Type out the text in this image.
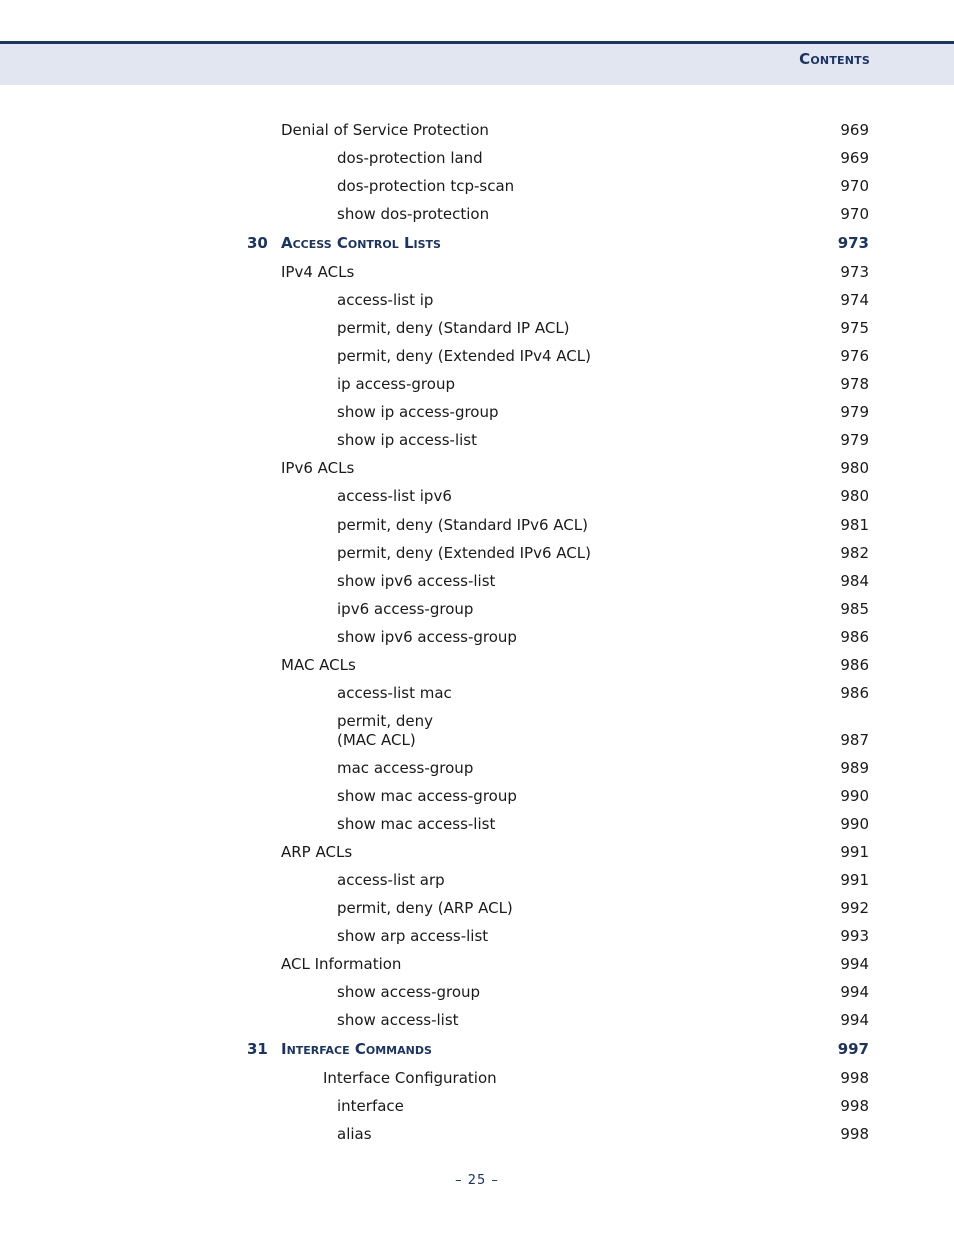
Contents
Denial of Service Protection	969
dos-protection land	969
dos-protection tcp-scan	970
show dos-protection	970
30 Access Control Lists	973
IPv4 ACLs	973
access-list ip	974
permit, deny (Standard IP ACL)	975
permit, deny (Extended IPv4 ACL)	976
ip access-group	978
show ip access-group	979
show ip access-list	979
IPv6 ACLs	980
access-list ipv6	980
permit, deny (Standard IPv6 ACL)	981
permit, deny (Extended IPv6 ACL)	982
show ipv6 access-list	984
ipv6 access-group	985
show ipv6 access-group	986
MAC ACLs	986
access-list mac	986
permit, deny
(MAC ACL)	987
mac access-group	989
show mac access-group	990
show mac access-list	990
ARP ACLs	991
access-list arp	991
permit, deny (ARP ACL)	992
show arp access-list	993
ACL Information	994
show access-group	994
show access-list	994
31 Interface Commands	997
Interface Configuration	998
interface	998
alias	998
– 25 –
